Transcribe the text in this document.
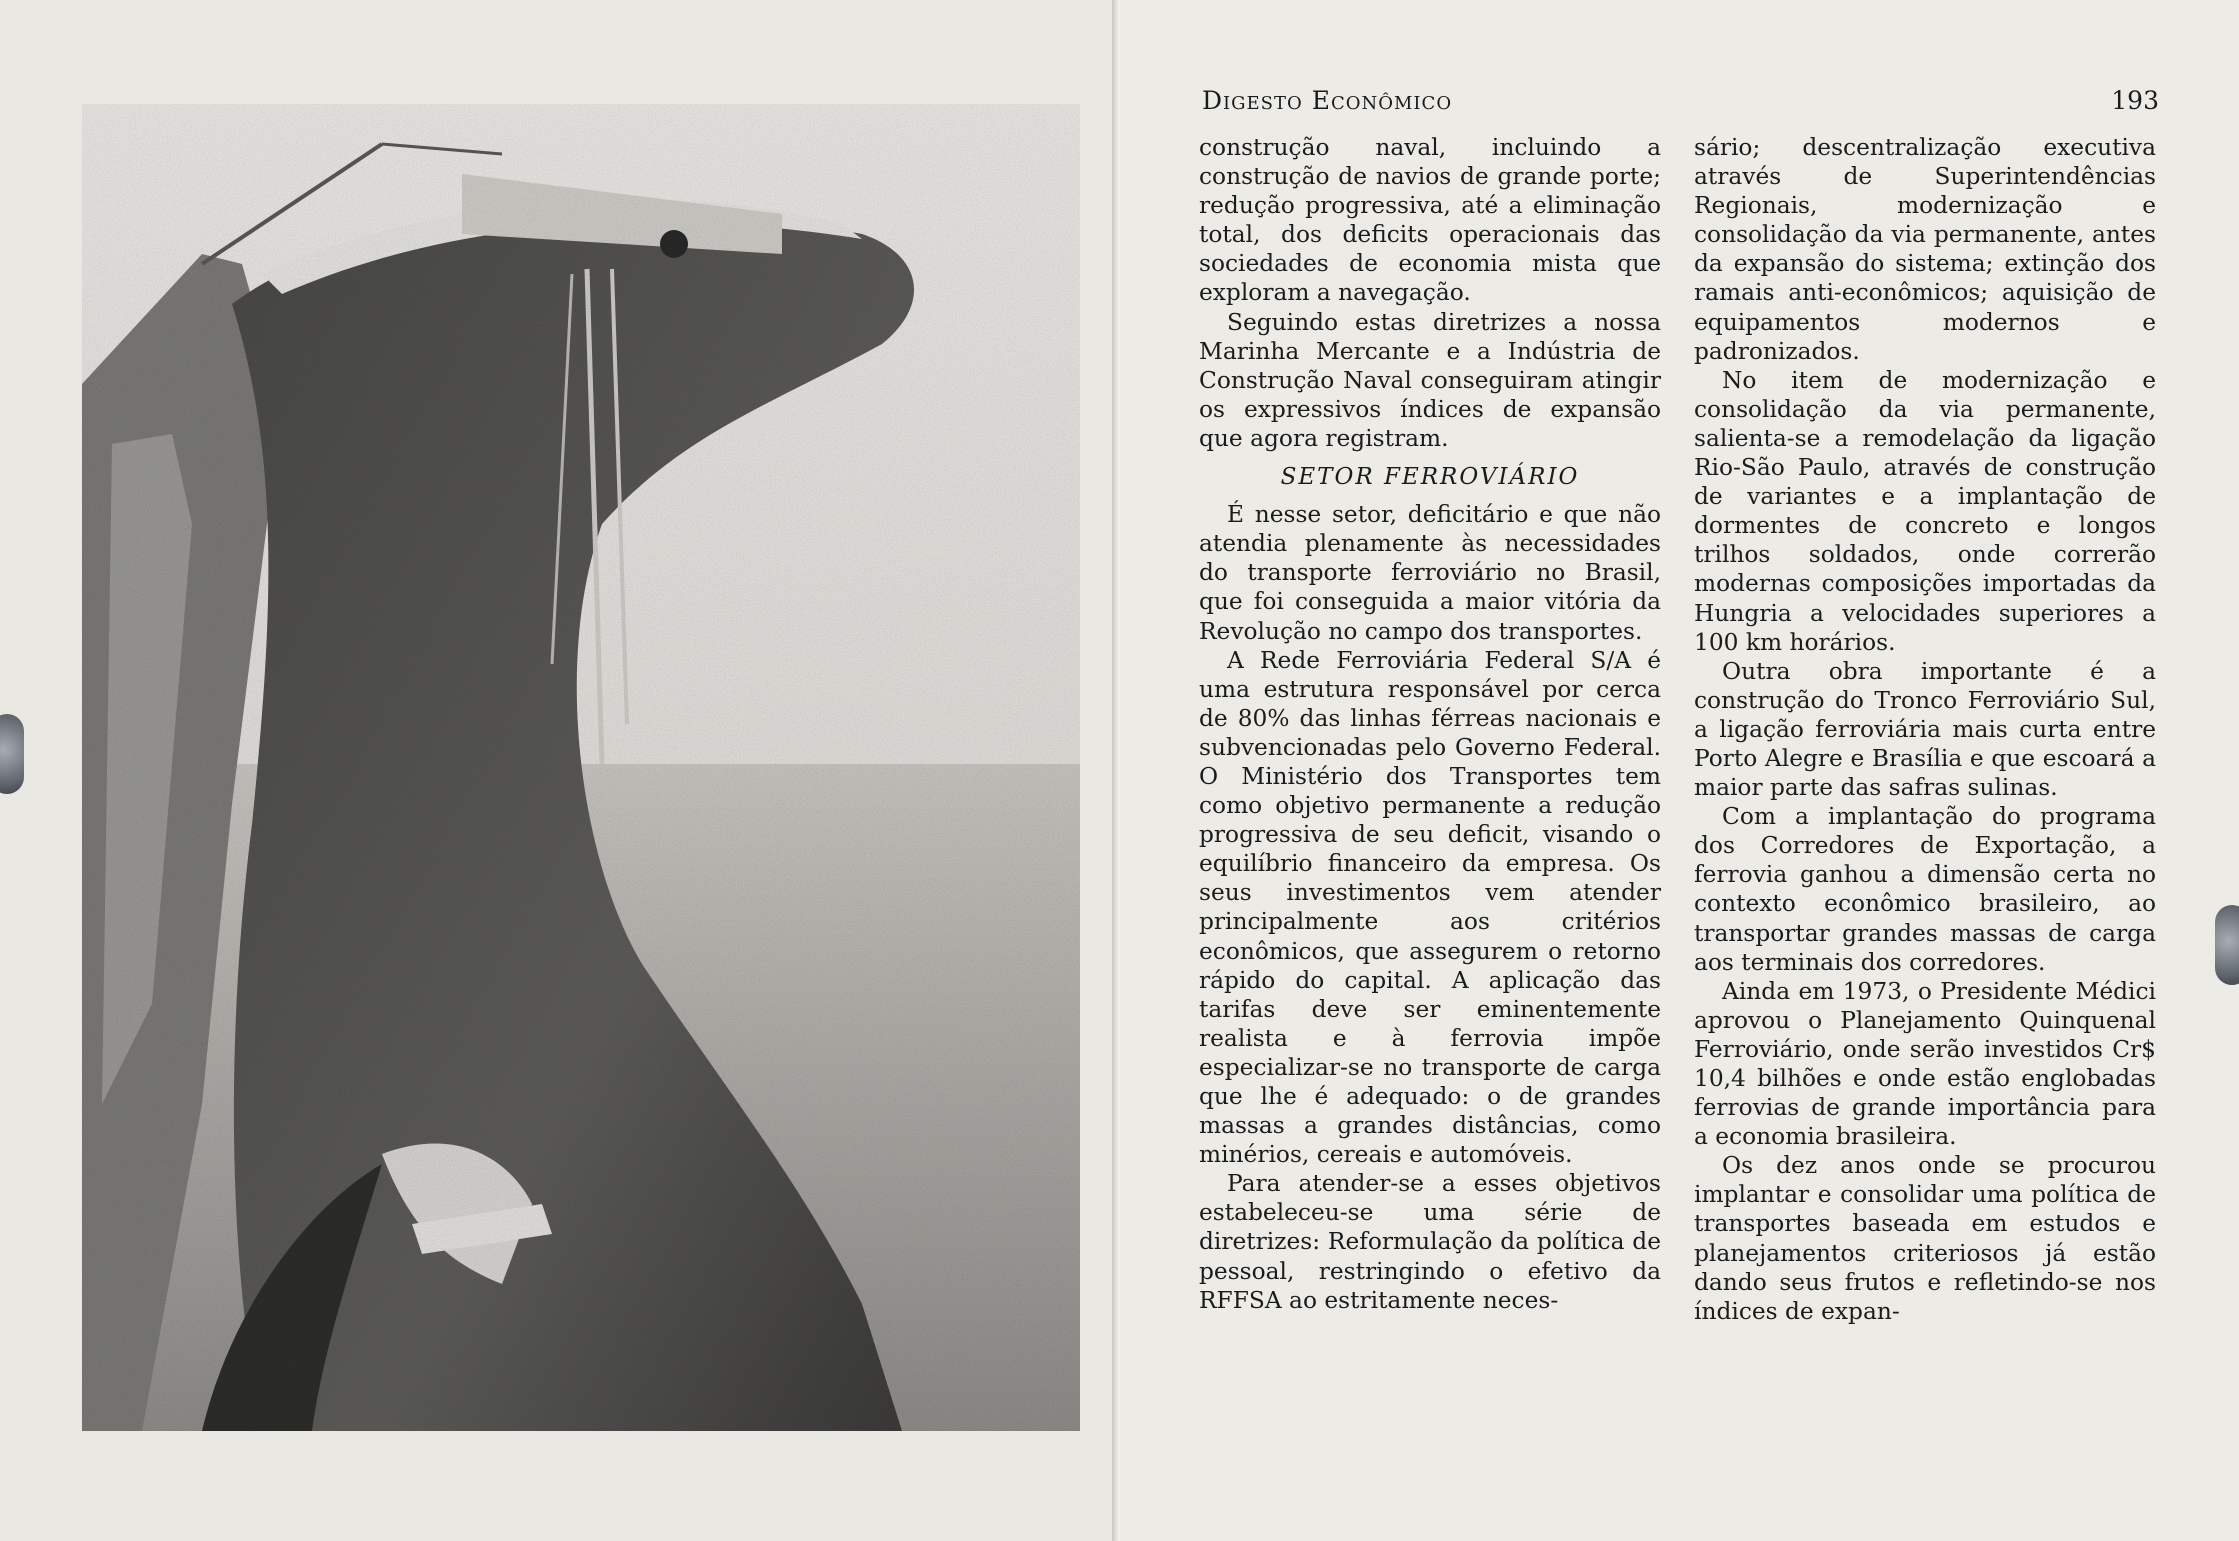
Digesto Econômico	193

construção naval, incluindo a construção de navios de grande porte; redução progressiva, até a eliminação total, dos deficits operacionais das sociedades de economia mista que exploram a navegação.

Seguindo estas diretrizes a nossa Marinha Mercante e a Indústria de Construção Naval conseguiram atingir os expressivos índices de expansão que agora registram.

SETOR FERROVIÁRIO

É nesse setor, deficitário e que não atendia plenamente às necessidades do transporte ferroviário no Brasil, que foi conseguida a maior vitória da Revolução no campo dos transportes.

A Rede Ferroviária Federal S/A é uma estrutura responsável por cerca de 80% das linhas férreas nacionais e subvencionadas pelo Governo Federal. O Ministério dos Transportes tem como objetivo permanente a redução progressiva de seu deficit, visando o equilíbrio financeiro da empresa. Os seus investimentos vem atender principalmente aos critérios econômicos, que assegurem o retorno rápido do capital. A aplicação das tarifas deve ser eminentemente realista e à ferrovia impõe especializar-se no transporte de carga que lhe é adequado: o de grandes massas a grandes distâncias, como minérios, cereais e automóveis.

Para atender-se a esses objetivos estabeleceu-se uma série de diretrizes: Reformulação da política de pessoal, restringindo o efetivo da RFFSA ao estritamente neces-

sário; descentralização executiva através de Superintendências Regionais, modernização e consolidação da via permanente, antes da expansão do sistema; extinção dos ramais anti-econômicos; aquisição de equipamentos modernos e padronizados.

No item de modernização e consolidação da via permanente, salienta-se a remodelação da ligação Rio-São Paulo, através de construção de variantes e a implantação de dormentes de concreto e longos trilhos soldados, onde correrão modernas composições importadas da Hungria a velocidades superiores a 100 km horários.

Outra obra importante é a construção do Tronco Ferroviário Sul, a ligação ferroviária mais curta entre Porto Alegre e Brasília e que escoará a maior parte das safras sulinas.

Com a implantação do programa dos Corredores de Exportação, a ferrovia ganhou a dimensão certa no contexto econômico brasileiro, ao transportar grandes massas de carga aos terminais dos corredores.

Ainda em 1973, o Presidente Médici aprovou o Planejamento Quinquenal Ferroviário, onde serão investidos Cr$ 10,4 bilhões e onde estão englobadas ferrovias de grande importância para a economia brasileira.

Os dez anos onde se procurou implantar e consolidar uma política de transportes baseada em estudos e planejamentos criteriosos já estão dando seus frutos e refletindo-se nos índices de expan-
